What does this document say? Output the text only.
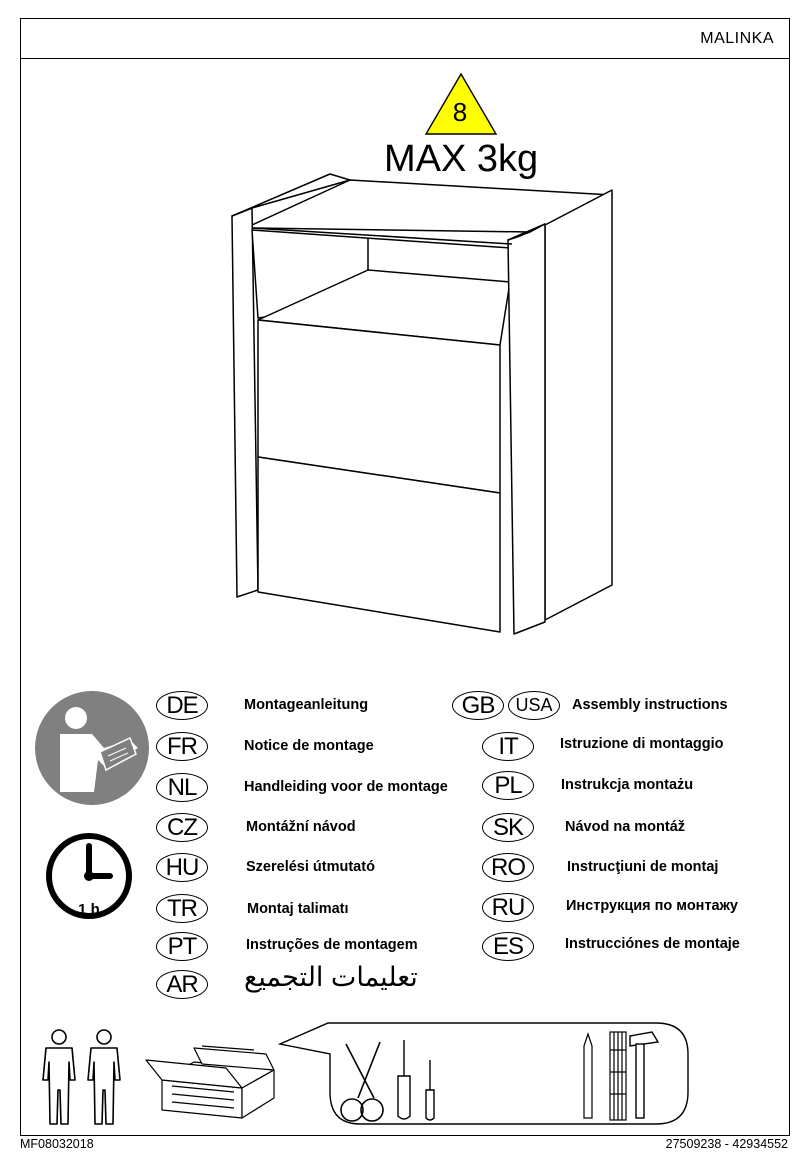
MALINKA
8
MAX 3kg
1 h
DE	Montageanleitung
FR	Notice de montage
NL	Handleiding voor de montage
CZ	Montážní návod
HU	Szerelési útmutató
TR	Montaj talimatı
PT	Instruções de montagem
AR	تعليمات التجميع
GB	USA	Assembly instructions
IT	Istruzione di montaggio
PL	Instrukcja montażu
SK	Návod na montáž
RO	Instrucţiuni de montaj
RU	Инструкция по монтажу
ES	Instrucciónes de montaje
MF08032018	27509238 - 42934552
